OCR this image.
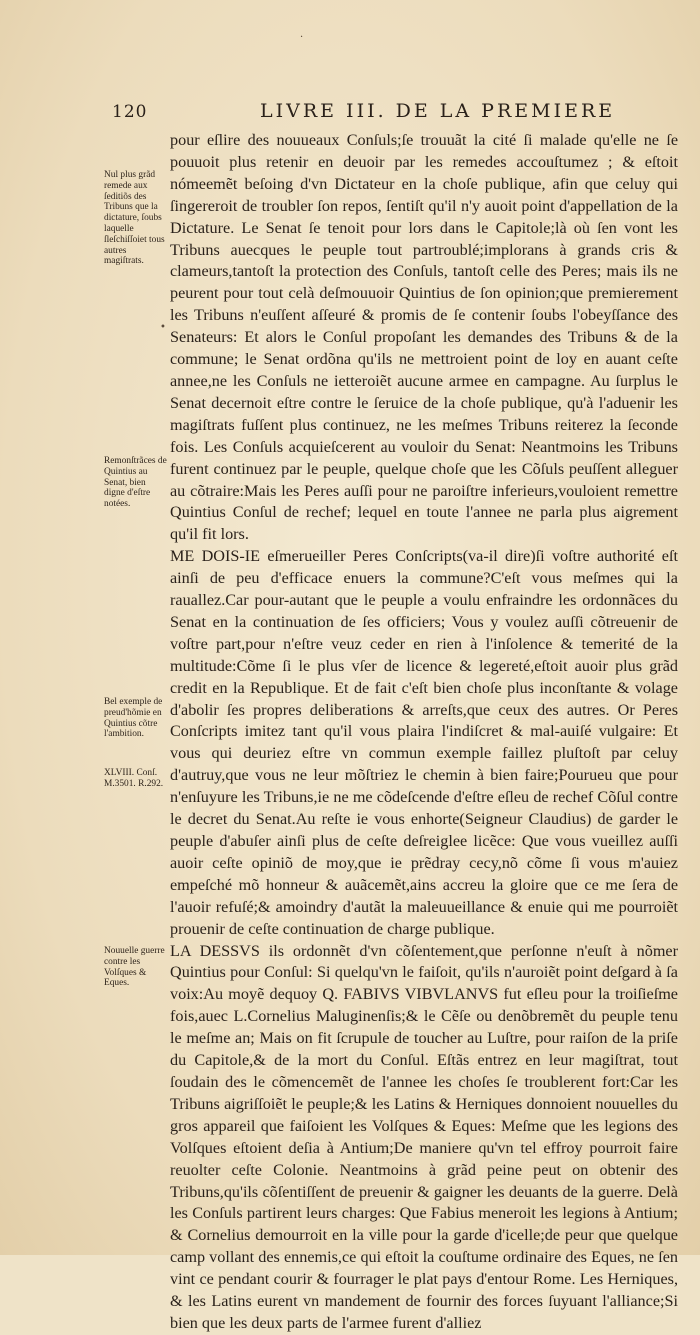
120	LIVRE III. DE LA PREMIERE
Nul plus grãd remede aux ſeditiõs des Tribuns que la dictature, ſoubs laquelle ſleſchiſſoiet tous autres magiſtrats.
Remonſtrãces de Quintius au Senat, bien digne d'eſtre notées.
Bel exemple de preud'hõmie en Quintius cõtre l'ambition.
XLVIII. Conſ. M.3501. R.292.
Nouuelle guerre contre les Volſques & Eques.

pour eſlire des nouueaux Conſuls;ſe trouuãt la cité ſi malade qu'elle ne ſe pouuoit plus retenir en deuoir par les remedes accouſtumez ; & eſtoit nómeemẽt beſoing d'vn Dictateur en la choſe publique, afin que celuy qui ſingereroit de troubler ſon repos, ſentiſt qu'il n'y auoit point d'appellation de la Dictature. Le Senat ſe tenoit pour lors dans le Capitole;là où ſen vont les Tribuns auecques le peuple tout partroublé;implorans à grands cris & clameurs,tantoſt la protection des Conſuls, tantoſt celle des Peres; mais ils ne peurent pour tout celà deſmouuoir Quintius de ſon opinion;que premierement les Tribuns n'euſſent aſſeuré & promis de ſe contenir ſoubs l'obeyſſance des Senateurs: Et alors le Conſul propoſant les demandes des Tribuns & de la commune; le Senat ordõna qu'ils ne mettroient point de loy en auant ceſte annee,ne les Conſuls ne ietteroiẽt aucune armee en campagne. Au ſurplus le Senat decernoit eſtre contre le ſeruice de la choſe publique, qu'à l'aduenir les magiſtrats fuſſent plus continuez, ne les meſmes Tribuns reiterez la ſeconde fois. Les Conſuls acquieſcerent au vouloir du Senat: Neantmoins les Tribuns furent continuez par le peuple, quelque choſe que les Cõſuls peuſſent alleguer au cõtraire:Mais les Peres auſſi pour ne paroiſtre inferieurs,vouloient remettre Quintius Conſul de rechef; lequel en toute l'annee ne parla plus aigrement qu'il fit lors.

ME DOIS-IE eſmerueiller Peres Conſcripts(va-il dire)ſi voſtre authorité eſt ainſi de peu d'efficace enuers la commune?C'eſt vous meſmes qui la rauallez.Car pour-autant que le peuple a voulu enfraindre les ordonnãces du Senat en la continuation de ſes officiers; Vous y voulez auſſi cõtreuenir de voſtre part,pour n'eſtre veuz ceder en rien à l'inſolence & temerité de la multitude:Cõme ſi le plus vſer de licence & legereté,eſtoit auoir plus grãd credit en la Republique. Et de fait c'eſt bien choſe plus inconſtante & volage d'abolir ſes propres deliberations & arreſts,que ceux des autres. Or Peres Conſcripts imitez tant qu'il vous plaira l'indiſcret & mal-auiſé vulgaire: Et vous qui deuriez eſtre vn commun exemple faillez pluſtoſt par celuy d'autruy,que vous ne leur mõſtriez le chemin à bien faire;Pourueu que pour n'enſuyure les Tribuns,ie ne me cõdeſcende d'eſtre eſleu de rechef Cõſul contre le decret du Senat.Au reſte ie vous enhorte(Seigneur Claudius) de garder le peuple d'abuſer ainſi plus de ceſte deſreiglee licẽce: Que vous vueillez auſſi auoir ceſte opiniõ de moy,que ie prẽdray cecy,nõ cõme ſi vous m'auiez empeſché mõ honneur & auãcemẽt,ains accreu la gloire que ce me ſera de l'auoir refuſé;& amoindry d'autãt la maleuueillance & enuie qui me pourroiẽt prouenir de ceſte continuation de charge publique.

LA DESSVS ils ordonnẽt d'vn cõſentement,que perſonne n'euſt à nõmer Quintius pour Conſul: Si quelqu'vn le faiſoit, qu'ils n'auroiẽt point deſgard à ſa voix:Au moyẽ dequoy Q. FABIVS VIBVLANVS fut eſleu pour la troiſieſme fois,auec L.Cornelius Maluginenſis;& le Cẽſe ou denõbremẽt du peuple tenu le meſme an; Mais on fit ſcrupule de toucher au Luſtre, pour raiſon de la priſe du Capitole,& de la mort du Conſul. Eſtãs entrez en leur magiſtrat, tout ſoudain des le cõmencemẽt de l'annee les choſes ſe troublerent fort:Car les Tribuns aigriſſoiẽt le peuple;& les Latins & Herniques donnoient nouuelles du gros appareil que faiſoient les Volſques & Eques: Meſme que les legions des Volſques eſtoient deſia à Antium;De maniere qu'vn tel effroy pourroit faire reuolter ceſte Colonie. Neantmoins à grãd peine peut on obtenir des Tribuns,qu'ils cõſentiſſent de preuenir & gaigner les deuants de la guerre. Delà les Conſuls partirent leurs charges: Que Fabius meneroit les legions à Antium; & Cornelius demourroit en la ville pour la garde d'icelle;de peur que quelque camp vollant des ennemis,ce qui eſtoit la couſtume ordinaire des Eques, ne ſen vint ce pendant courir & fourrager le plat pays d'entour Rome. Les Herniques, & les Latins eurent vn mandement de fournir des forces ſuyuant l'alliance;Si bien que les deux parts de l'armee furent d'alliez

•
·
